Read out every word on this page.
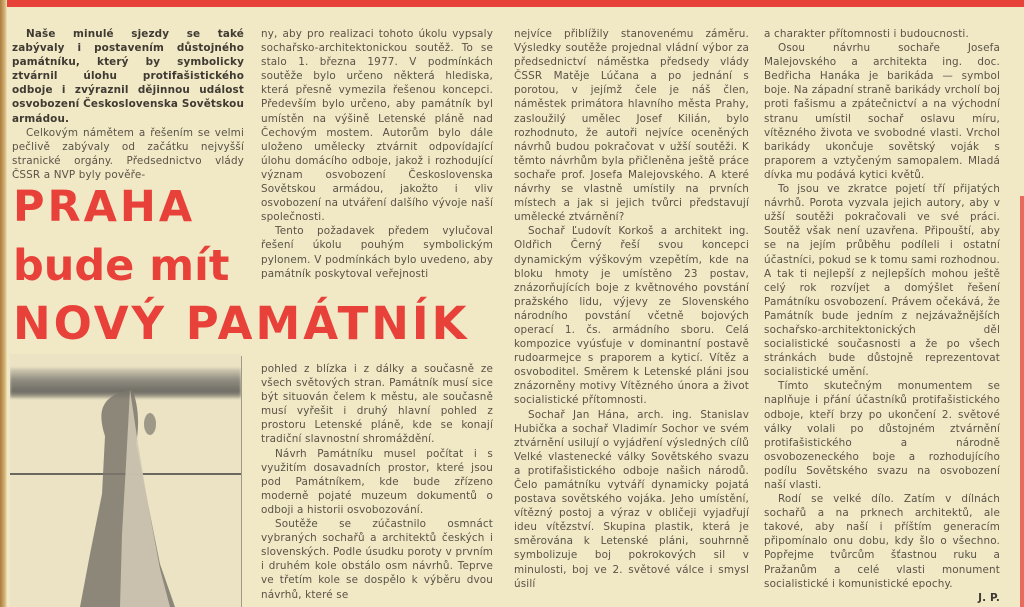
Naše minulé sjezdy se také zabývaly i postavením důstojného památníku, který by symbolicky ztvárnil úlohu protifašistického odboje i zvýraznil dějinnou událost osvobození Československa Sovětskou armádou.

Celkovým námětem a řešením se velmi pečlivě zabývaly od začátku nejvyšší stranické orgány. Předsednictvo vlády ČSSR a NVP byly pověře-

PRAHA
bude mít
NOVÝ PAMÁTNÍK

ny, aby pro realizaci tohoto úkolu vypsaly sochařsko-architektonickou soutěž. To se stalo 1. března 1977. V podmínkách soutěže bylo určeno některá hlediska, která přesně vymezila řešenou koncepci. Především bylo určeno, aby památník byl umístěn na výšině Letenské pláně nad Čechovým mostem. Autorům bylo dále uloženo umělecky ztvárnit odpovídající úlohu domácího odboje, jakož i rozhodující význam osvobození Československa Sovětskou armádou, jakožto i vliv osvobození na utváření dalšího vývoje naší společnosti.

Tento požadavek předem vylučoval řešení úkolu pouhým symbolickým pylonem. V podmínkách bylo uvedeno, aby památník poskytoval veřejnosti

pohled z blízka i z dálky a současně ze všech světových stran. Památník musí sice být situován čelem k městu, ale současně musí vyřešit i druhý hlavní pohled z prostoru Letenské pláně, kde se konají tradiční slavnostní shromáždění.

Návrh Památníku musel počítat i s využitím dosavadních prostor, které jsou pod Památníkem, kde bude zřízeno moderně pojaté muzeum dokumentů o odboji a historii osvobozování.

Soutěže se zúčastnilo osmnáct vybraných sochařů a architektů českých i slovenských. Podle úsudku poroty v prvním i druhém kole obstálo osm návrhů. Teprve ve třetím kole se dospělo k výběru dvou návrhů, které se

nejvíce přiblížily stanovenému záměru. Výsledky soutěže projednal vládní výbor za předsednictví náměstka předsedy vlády ČSSR Matěje Lúčana a po jednání s porotou, v jejímž čele je náš člen, náměstek primátora hlavního města Prahy, zasloužilý umělec Josef Kilián, bylo rozhodnuto, že autoři nejvíce oceněných návrhů budou pokračovat v užší soutěži. K těmto návrhům byla přičleněna ještě práce sochaře prof. Josefa Malejovského. A které návrhy se vlastně umístily na prvních místech a jak si jejich tvůrci představují umělecké ztvárnění?

Sochař Ľudovít Korkoš a architekt ing. Oldřich Černý řeší svou koncepci dynamickým výškovým vzepětím, kde na bloku hmoty je umístěno 23 postav, znázorňujících boje z květnového povstání pražského lidu, výjevy ze Slovenského národního povstání včetně bojových operací 1. čs. armádního sboru. Celá kompozice vyúsťuje v dominantní postavě rudoarmejce s praporem a kyticí. Vítěz a osvoboditel. Směrem k Letenské pláni jsou znázorněny motivy Vítězného února a život socialistické přítomnosti.

Sochař Jan Hána, arch. ing. Stanislav Hubička a sochař Vladimír Sochor ve svém ztvárnění usilují o vyjádření výsledných cílů Velké vlastenecké války Sovětského svazu a protifašistického odboje našich národů. Čelo památníku vytváří dynamicky pojatá postava sovětského vojáka. Jeho umístění, vítězný postoj a výraz v obličeji vyjadřují ideu vítězství. Skupina plastik, která je směrována k Letenské pláni, souhrnně symbolizuje boj pokrokových sil v minulosti, boj ve 2. světové válce i smysl úsilí

a charakter přítomnosti i budoucnosti.

Osou návrhu sochaře Josefa Malejovského a architekta ing. doc. Bedřicha Hanáka je barikáda — symbol boje. Na západní straně barikády vrcholí boj proti fašismu a zpátečnictví a na východní stranu umístil sochař oslavu míru, vítězného života ve svobodné vlasti. Vrchol barikády ukončuje sovětský voják s praporem a vztyčeným samopalem. Mladá dívka mu podává kytici květů.

To jsou ve zkratce pojetí tří přijatých návrhů. Porota vyzvala jejich autory, aby v užší soutěži pokračovali ve své práci. Soutěž však není uzavřena. Připouští, aby se na jejím průběhu podíleli i ostatní účastníci, pokud se k tomu sami rozhodnou. A tak ti nejlepší z nejlepších mohou ještě celý rok rozvíjet a domýšlet řešení Památníku osvobození. Právem očekává, že Památník bude jedním z nejzávažnějších sochařsko-architektonických děl socialistické současnosti a že po všech stránkách bude důstojně reprezentovat socialistické umění.

Tímto skutečným monumentem se naplňuje i přání účastníků protifašistického odboje, kteří brzy po ukončení 2. světové války volali po důstojném ztvárnění protifašistického a národně osvobozeneckého boje a rozhodujícího podílu Sovětského svazu na osvobození naší vlasti.

Rodí se velké dílo. Zatím v dílnách sochařů a na prknech architektů, ale takové, aby naší i příštím generacím připomínalo onu dobu, kdy šlo o všechno. Popřejme tvůrcům šťastnou ruku a Pražanům a celé vlasti monument socialistické i komunistické epochy.

J. P.
